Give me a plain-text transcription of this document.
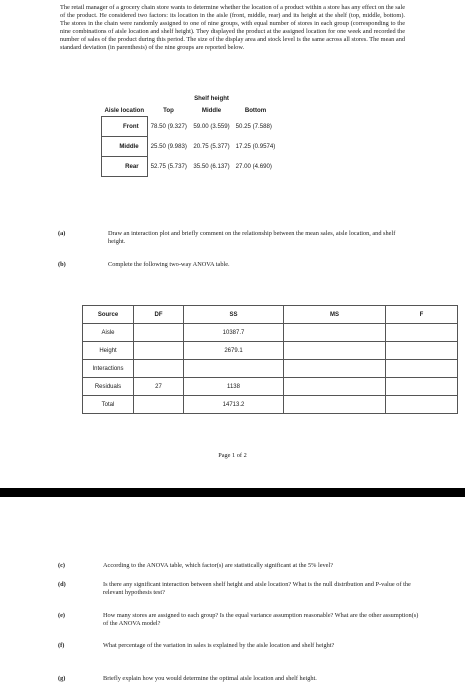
The retail manager of a grocery chain store wants to determine whether the location of a product within a store has any effect on the sale of the product. He considered two factors: its location in the aisle (front, middle, rear) and its height at the shelf (top, middle, bottom). The stores in the chain were randomly assigned to one of nine groups, with equal number of stores in each group (corresponding to the nine combinations of aisle location and shelf height). They displayed the product at the assigned location for one week and recorded the number of sales of the product during this period. The size of the display area and stock level is the same across all stores. The mean and standard deviation (in parenthesis) of the nine groups are reported below.

		Shelf height	
Aisle location	Top	Middle	Bottom
Front	78.50 (9.327)	59.00 (3.559)	50.25 (7.588)
Middle	25.50 (9.983)	20.75 (5.377)	17.25 (0.9574)
Rear	52.75 (5.737)	35.50 (6.137)	27.00 (4.690)
(a)	Draw an interaction plot and briefly comment on the relationship between the mean sales, aisle location, and shelf height.
(b)	Complete the following two-way ANOVA table.
Source	DF	SS	MS	F
Aisle		10387.7		
Height		2679.1		
Interactions				
Residuals	27	1138		
Total		14713.2		
Page 1 of 2
(c)	According to the ANOVA table, which factor(s) are statistically significant at the 5% level?
(d)	Is there any significant interaction between shelf height and aisle location? What is the null distribution and P-value of the relevant hypothesis test?
(e)	How many stores are assigned to each group? Is the equal variance assumption reasonable? What are the other assumption(s) of the ANOVA model?
(f)	What percentage of the variation in sales is explained by the aisle location and shelf height?
(g)	Briefly explain how you would determine the optimal aisle location and shelf height.
